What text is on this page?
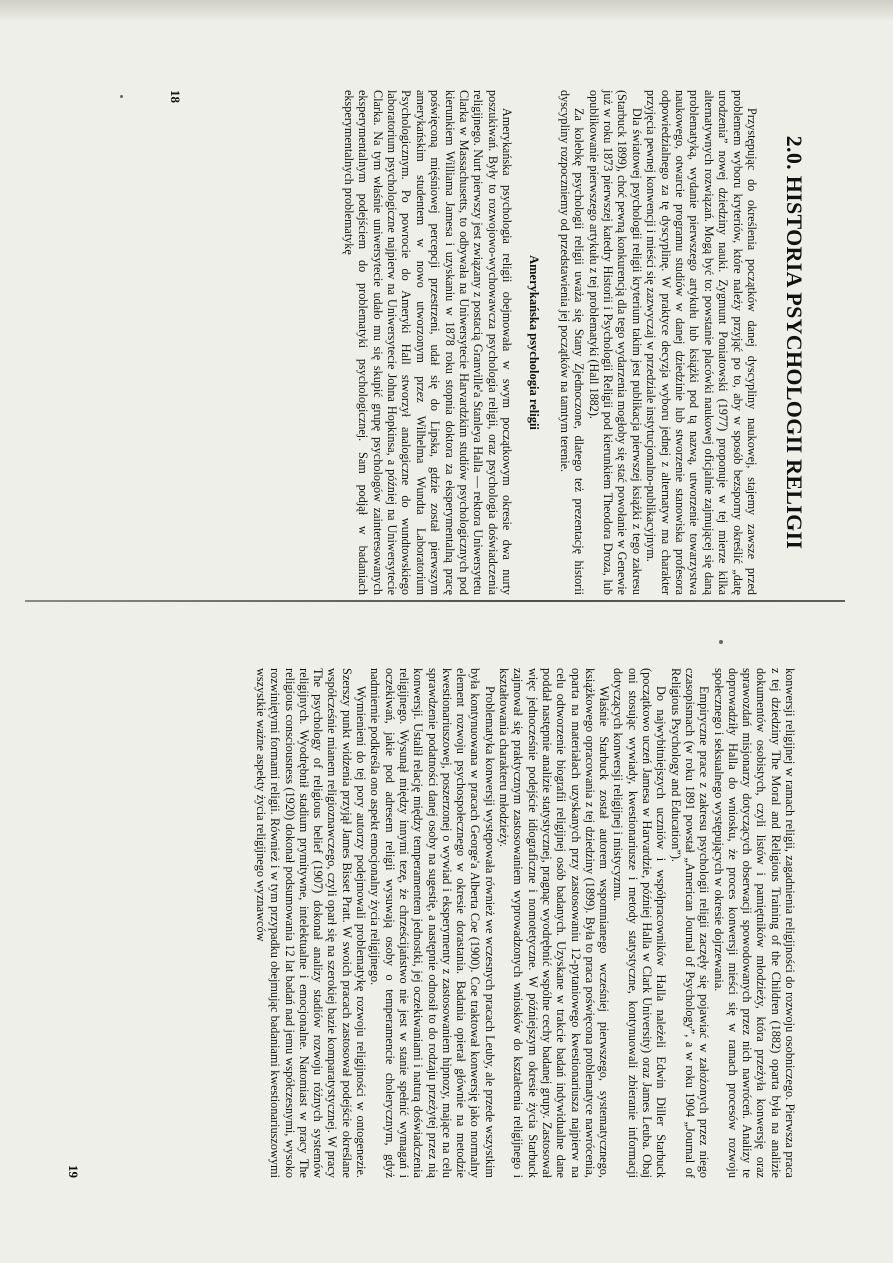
2.0. HISTORIA PSYCHOLOGII RELIGII

Przystępując do określenia początków danej dyscypliny naukowej, stajemy zawsze przed problemem wyboru kryteriów, które należy przyjąć po to, aby w sposób bezsporny określić „datę urodzenia” nowej dziedziny nauki. Zygmunt Poniatowski (1977) proponuje w tej mierze kilka alternatywnych rozwiązań. Mogą być to: powstanie placówki naukowej oficjalnie zajmującej się daną problematyką, wydanie pierwszego artykułu lub książki pod tą nazwą, utworzenie towarzystwa naukowego, otwarcie programu studiów w danej dziedzinie lub stworzenie stanowiska profesora odpowiedzialnego za tę dyscyplinę. W praktyce decyzja wyboru jednej z alternatyw ma charakter przyjęcia pewnej konwencji i mieści się zazwyczaj w przedziale instytucjonalno-publikacyjnym.

Dla światowej psychologii religii kryterium takim jest publikacja pierwszej książki z tego zakresu (Starbuck 1899), choć pewną konkurencją dla tego wydarzenia mogłoby się stać powołanie w Genewie już w roku 1873 pierwszej katedry Historii i Psychologii Religii pod kierunkiem Theodora Droza, lub opublikowanie pierwszego artykułu z tej problematyki (Hall 1882).

Za kolebkę psychologii religii uważa się Stany Zjednoczone, dlatego też prezentację historii dyscypliny rozpoczniemy od przedstawienia jej początków na tamtym terenie.

Amerykańska psychologia religii

Amerykańska psychologia religii obejmowała w swym początkowym okresie dwa nurty poszukiwań. Były to rozwojowo-wychowawcza psychologia religii, oraz psychologia doświadczenia religijnego. Nurt pierwszy jest związany z postacią Granville'a Stanleya Halla — rektora Uniwersytetu Clarka w Massachusetts, to odbywała na Uniwersytecie Harvardzkim studiów psychologicznych pod kierunkiem Williama Jamesa i uzyskaniu w 1878 roku stopnia doktora za eksperymentalną pracę poświęconą mięśniowej percepcji przestrzeni, udał się do Lipska, gdzie został pierwszym amerykańskim studentem w nowo utworzonym przez Wilhelma Wundta Laboratorium Psychologicznym. Po powrocie do Ameryki Hall stworzył analogiczne do wundtowskiego laboratorium psychologiczne najpierw na Uniwersytecie Johna Hopkinsa, a później na Uniwersytecie Clarka. Na tym właśnie uniwersytecie udało mu się skupić grupę psychologów zainteresowanych eksperymentalnym podejściem do problematyki psychologicznej. Sam podjął w badaniach eksperymentalnych problematykę

18

konwersji religijnej w ramach religii, zagadnienia religijności do rozwoju osobniczego. Pierwsza praca z tej dziedziny The Moral and Religious Training of the Children (1882) oparta była na analizie dokumentów osobistych, czyli listów i pamiętników młodzieży, która przeżyła konwersję oraz sprawozdań misjonarzy dotyczących obserwacji spowodowanych przez nich nawróceń. Analizy te doprowadziły Halla do wniosku, że proces konwersji mieści się w ramach procesów rozwoju społecznego i seksualnego występujących w okresie dojrzewania.

Empiryczne prace z zakresu psychologii religii zaczęły się pojawiać w założonych przez niego czasopismach (w roku 1891 powstał „American Journal of Psychology”, a w roku 1904 „Journal of Religious Psychology and Education”).

Do najwybitniejszych uczniów i współpracowników Halla należeli Edwin Diller Starbuck (początkowo uczeń Jamesa w Harvardzie, później Halla w Clark University) oraz James Leuba. Obaj oni stosując wywiady, kwestionariusze i metody statystyczne, kontynuowali zbieranie informacji dotyczących konwersji religijnej i mistycyzmu.

Właśnie Starbuck został autorem wspomnianego wcześniej pierwszego, systematycznego, książkowego opracowania z tej dziedziny (1899). Była to praca poświęcona problematyce nawrócenia, oparta na materiałach uzyskanych przy zastosowaniu 12-pytaniowego kwestionariusza najpierw na celu odtworzenie biografii religijnej osób badanych. Uzyskane w trakcie badań indywidualne dane poddał następnie analizie statystycznej, pragnąc wyodrębnić wspólne cechy badanej grupy. Zastosował więc jednocześnie podejście idiograficzne i nomotetyczne. W późniejszym okresie życia Starbuck zajmował się praktycznym zastosowaniem wyprowadzonych wniosków do kształcenia religijnego i kształtowania charakteru młodzieży.

Problematyka konwersji występowała również we wczesnych pracach Leuby, ale przede wszystkim była kontynuowana w pracach George'a Alberta Coe (1900). Coe traktował konwersję jako normalny element rozwoju psychospołecznego w okresie dorastania. Badania opierał głównie na metodzie kwestionariuszowej, poszerzonej o wywiad i eksperymenty z zastosowaniem hipnozy, mające na celu sprawdzenie podatności danej osoby na sugestię, a następnie odnosił to do rodzaju przeżytej przez nią konwersji. Ustalił relację między temperamentem jednostki, jej oczekiwaniami i naturą doświadczenia religijnego. Wysunął między innymi tezę, że chrześcijaństwo nie jest w stanie spełnić wymagań i oczekiwań, jakie pod adresem religii wysuwają osoby o temperamencie cholerycznym, gdyż nadmiernie podkreśla ono aspekt emocjonalny życia religijnego.

Wymienieni do tej pory autorzy podejmowali problematykę rozwoju religijności w ontogenezie. Szerszy punkt widzenia przyjął James Bisset Pratt. W swoich pracach zastosował podejście określane współcześnie mianem religioznawczego, czyli oparł się na szerokiej bazie komparatystycznej. W pracy The psychology of religious belief (1907) dokonał analizy stadiów rozwoju różnych systemów religijnych. Wyodrębnił stadium prymitywne, intelektualne i emocjonalne. Natomiast w pracy The religious consciousness (1920) dokonał podsumowania 12 lat badań nad jemu współczesnymi, wysoko rozwiniętymi formami religii. Również i w tym przypadku obejmując badaniami kwestionariuszowymi wszystkie ważne aspekty życia religijnego wyznawców

19
